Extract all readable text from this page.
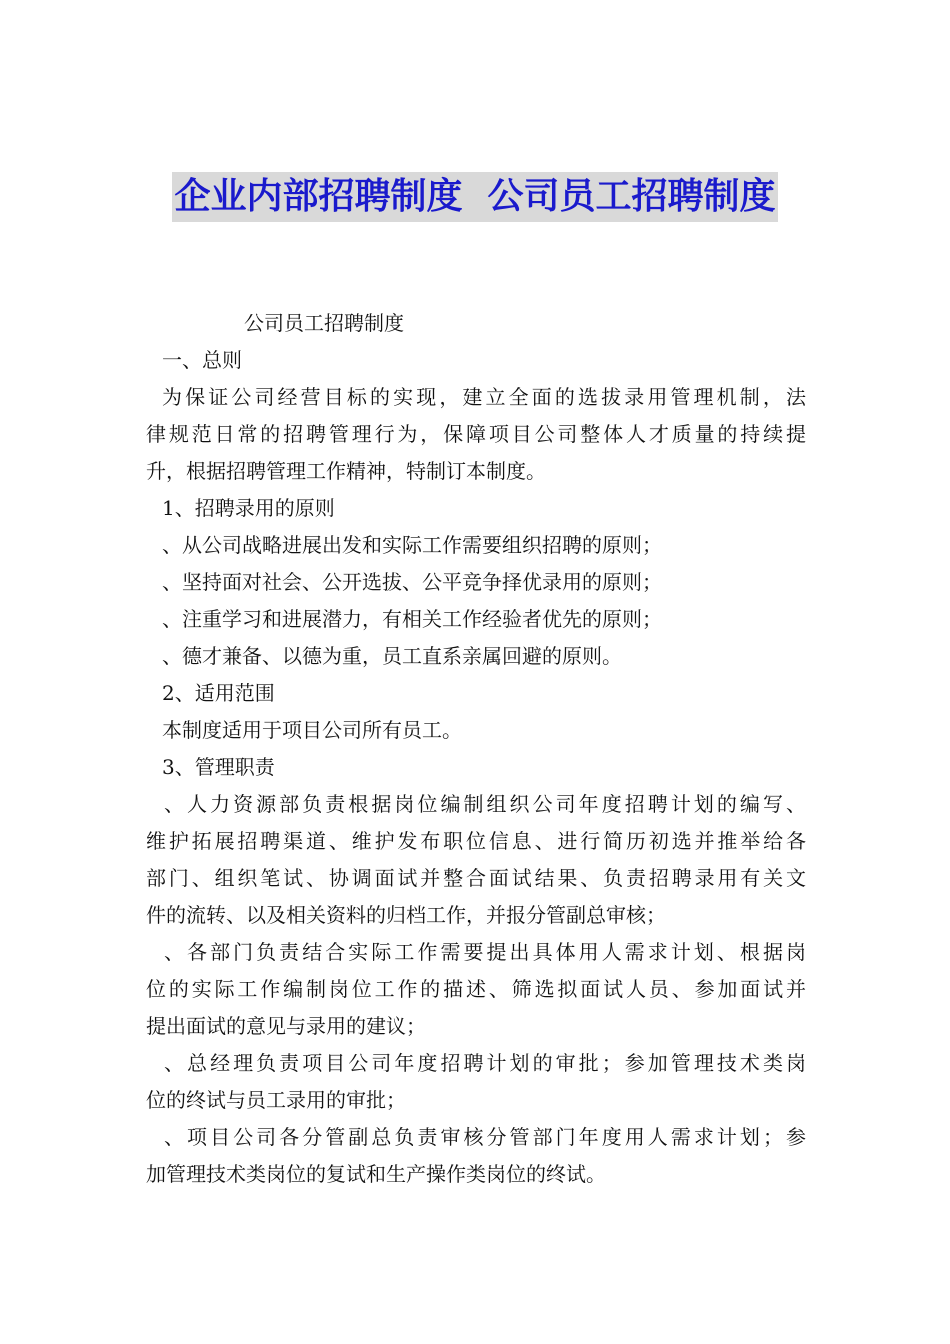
企业内部招聘制度  公司员工招聘制度
公司员工招聘制度
一、总则
为保证公司经营目标的实现，建立全面的选拔录用管理机制，法
律规范日常的招聘管理行为，保障项目公司整体人才质量的持续提
升，根据招聘管理工作精神，特制订本制度。
1、招聘录用的原则
、从公司战略进展出发和实际工作需要组织招聘的原则；
、坚持面对社会、公开选拔、公平竞争择优录用的原则；
、注重学习和进展潜力，有相关工作经验者优先的原则；
、德才兼备、以德为重，员工直系亲属回避的原则。
2、适用范围
本制度适用于项目公司所有员工。
3、管理职责
、人力资源部负责根据岗位编制组织公司年度招聘计划的编写、
维护拓展招聘渠道、维护发布职位信息、进行简历初选并推举给各
部门、组织笔试、协调面试并整合面试结果、负责招聘录用有关文
件的流转、以及相关资料的归档工作，并报分管副总审核；
、各部门负责结合实际工作需要提出具体用人需求计划、根据岗
位的实际工作编制岗位工作的描述、筛选拟面试人员、参加面试并
提出面试的意见与录用的建议；
、总经理负责项目公司年度招聘计划的审批；参加管理技术类岗
位的终试与员工录用的审批；
、项目公司各分管副总负责审核分管部门年度用人需求计划；参
加管理技术类岗位的复试和生产操作类岗位的终试。
